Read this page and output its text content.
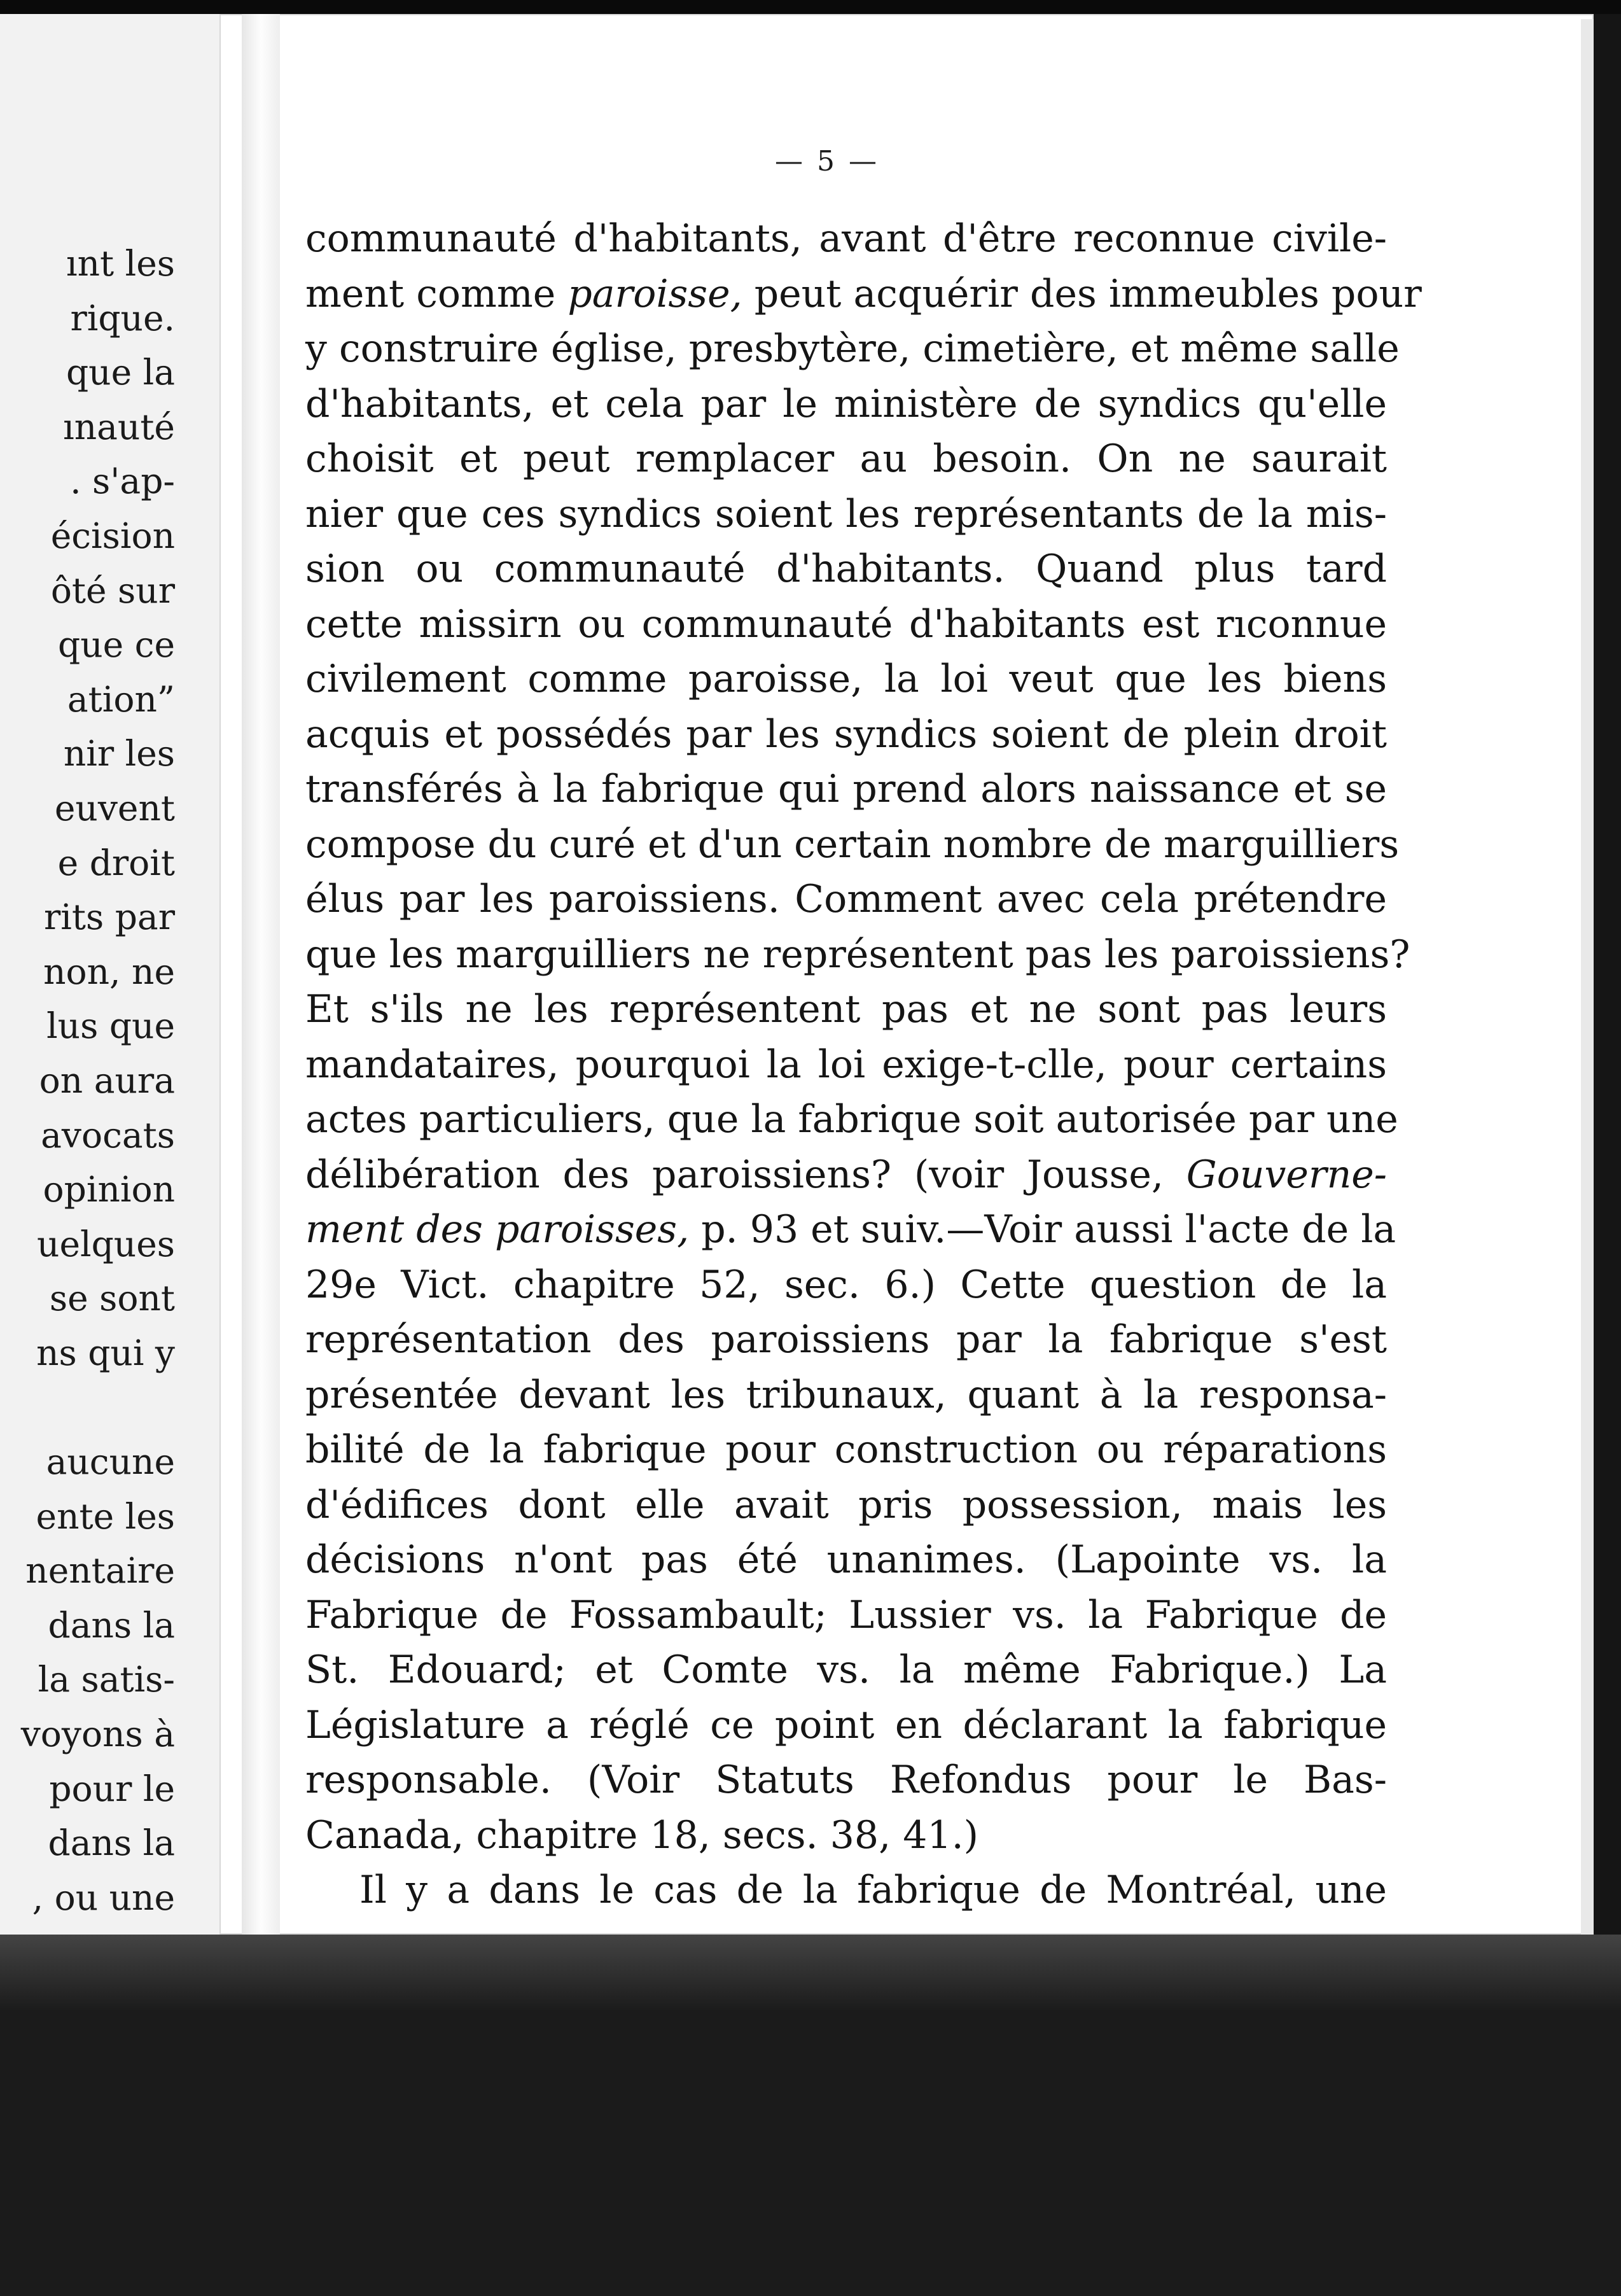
ınt les
rique.
que la
ınauté
. s'ap-
écision
ôté sur
que ce
ation”
nir les
euvent
e droit
rits par
non, ne
lus que
on aura
avocats
opinion
uelques
se sont
ns qui y
aucune
ente les
nentaire
dans la
la satis-
voyons à
pour le
dans la
, ou une

— 5 —

communauté d'habitants, avant d'être reconnue civile-

ment comme paroisse, peut acquérir des immeubles pour

y construire église, presbytère, cimetière, et même salle

d'habitants, et cela par le ministère de syndics qu'elle

choisit et peut remplacer au besoin. On ne saurait

nier que ces syndics soient les représentants de la mis-

sion ou communauté d'habitants. Quand plus tard

cette missirn ou communauté d'habitants est rıconnue

civilement comme paroisse, la loi veut que les biens

acquis et possédés par les syndics soient de plein droit

transférés à la fabrique qui prend alors naissance et se

compose du curé et d'un certain nombre de marguilliers

élus par les paroissiens. Comment avec cela prétendre

que les marguilliers ne représentent pas les paroissiens?

Et s'ils ne les représentent pas et ne sont pas leurs

mandataires, pourquoi la loi exige-t-clle, pour certains

actes particuliers, que la fabrique soit autorisée par une

délibération des paroissiens? (voir Jousse, Gouverne-

ment des paroisses, p. 93 et suiv.—Voir aussi l'acte de la

29e Vict. chapitre 52, sec. 6.) Cette question de la

représentation des paroissiens par la fabrique s'est

présentée devant les tribunaux, quant à la responsa-

bilité de la fabrique pour construction ou réparations

d'édifices dont elle avait pris possession, mais les

décisions n'ont pas été unanimes. (Lapointe vs. la

Fabrique de Fossambault; Lussier vs. la Fabrique de

St. Edouard; et Comte vs. la même Fabrique.) La

Législature a réglé ce point en déclarant la fabrique

responsable. (Voir Statuts Refondus pour le Bas-

Canada, chapitre 18, secs. 38, 41.)

Il y a dans le cas de la fabrique de Montréal, une
